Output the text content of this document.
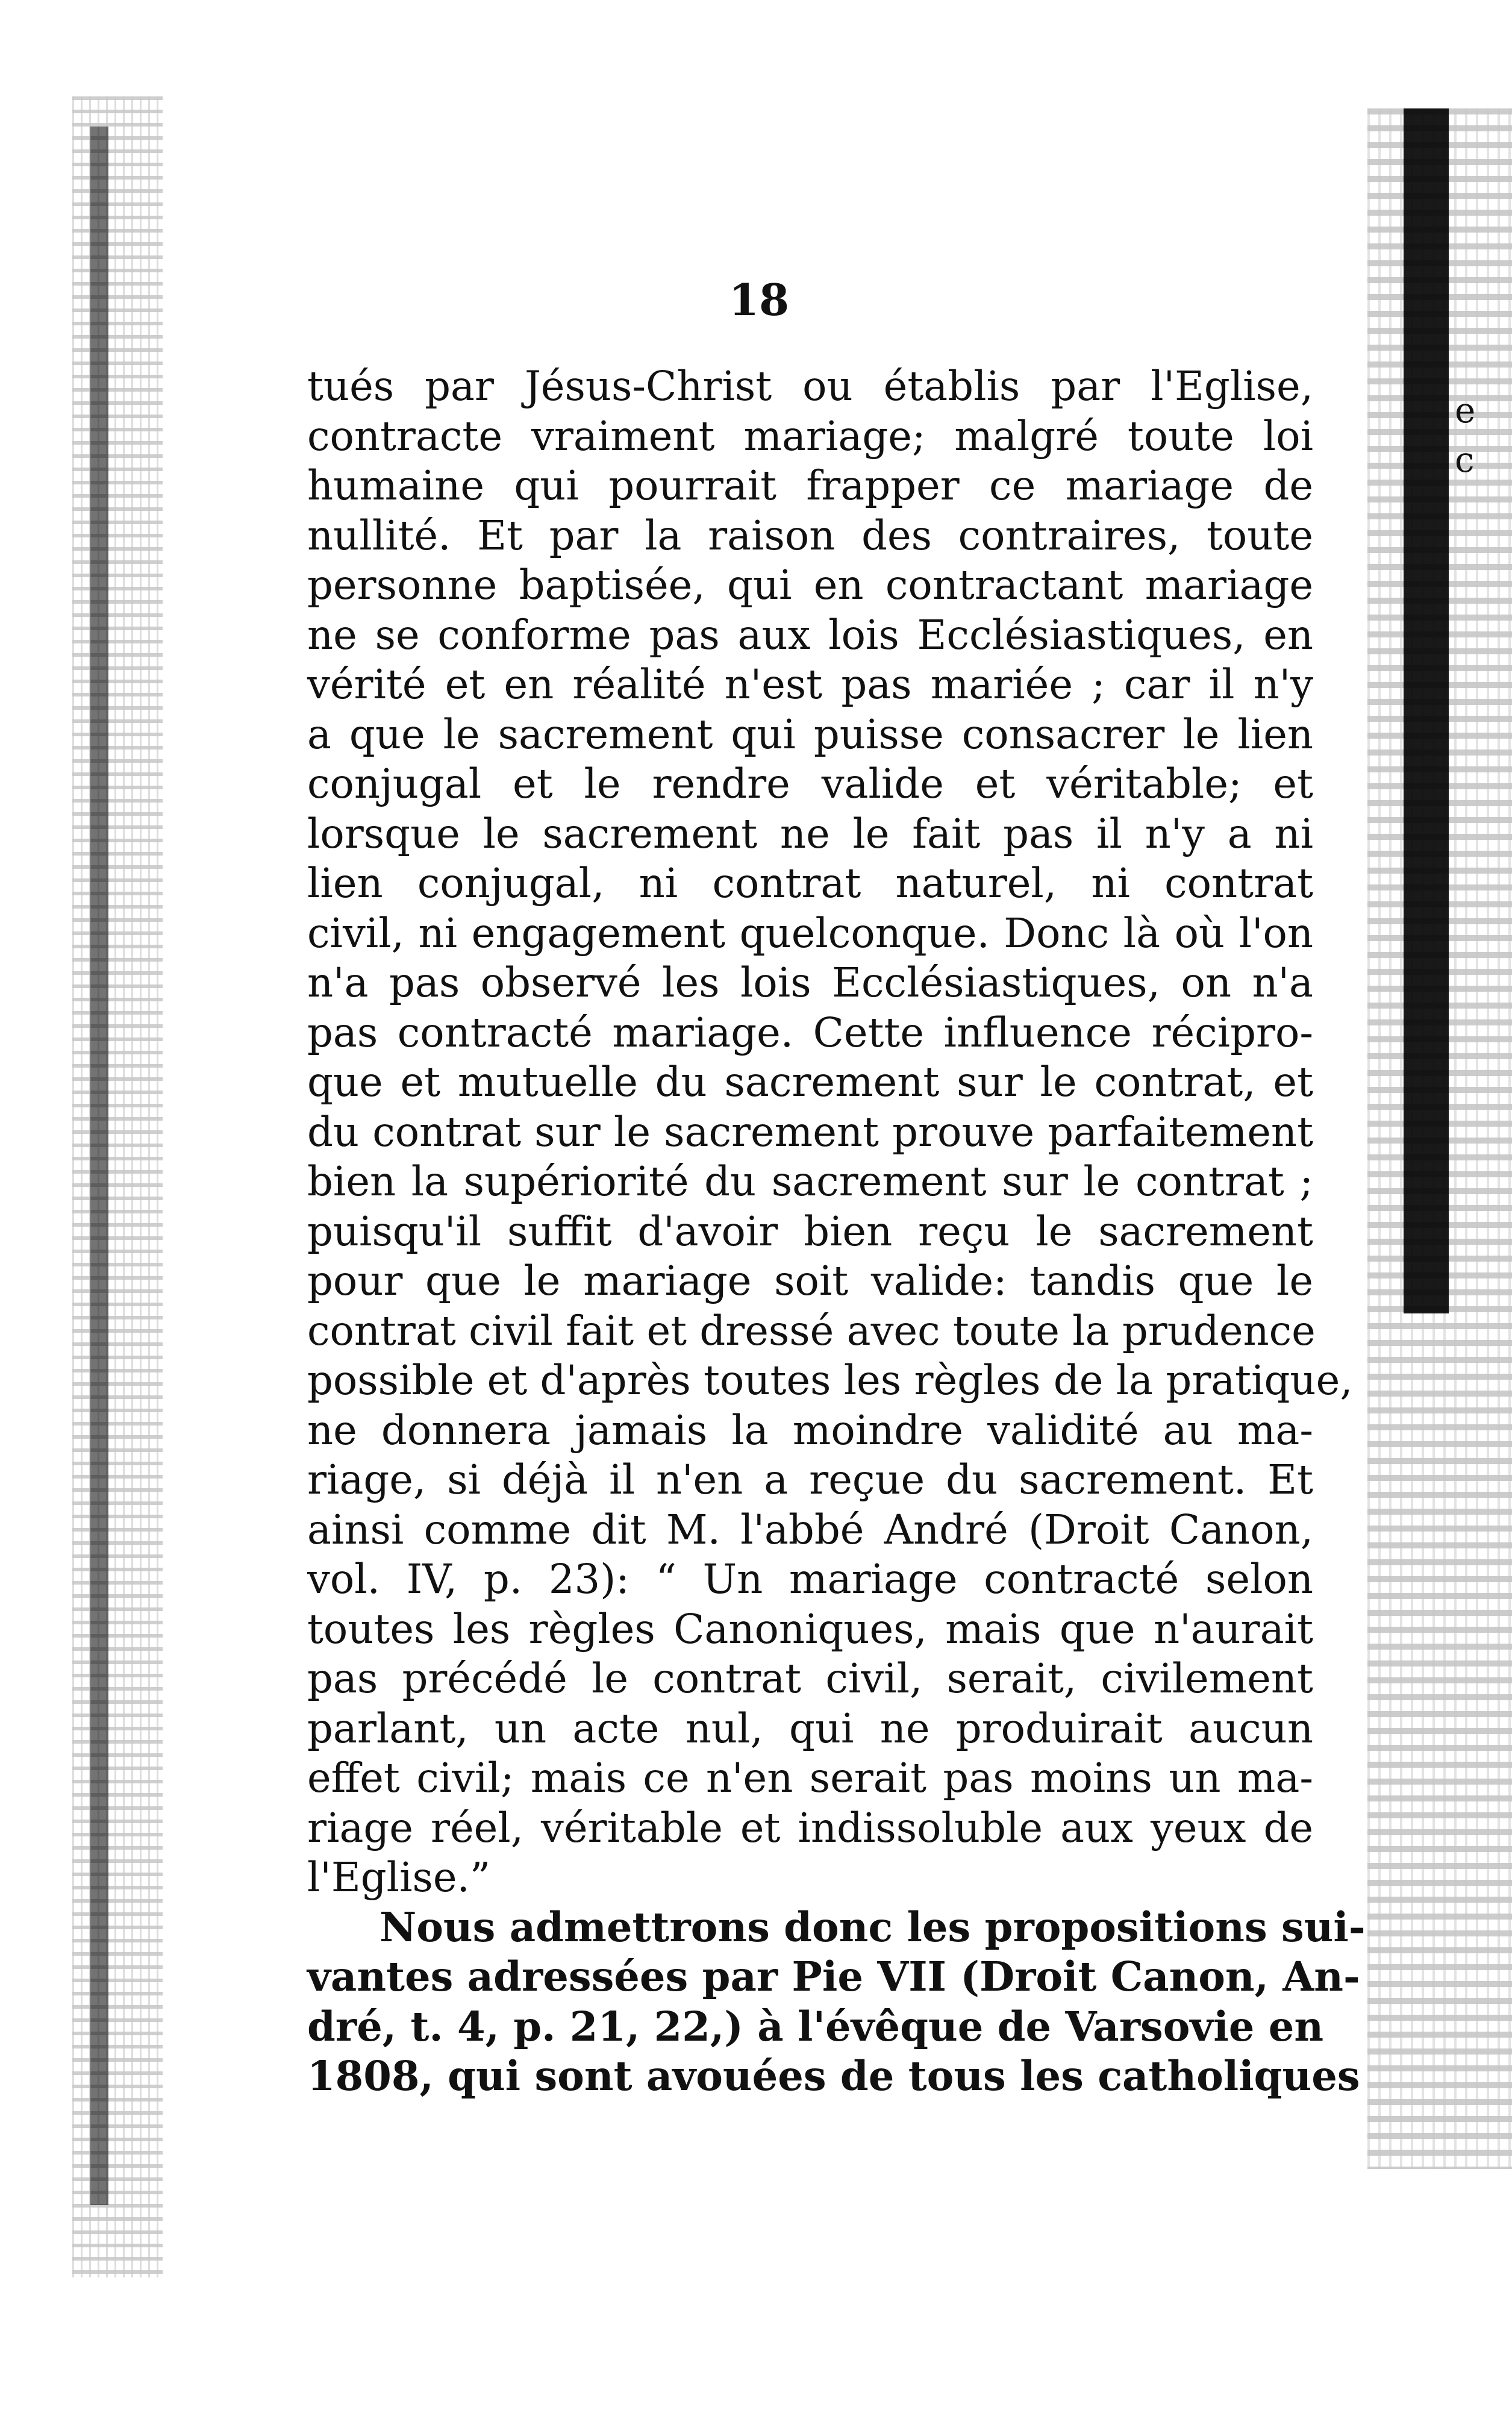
e
c
18
tués par Jésus-Christ ou établis par l'Eglise,
contracte vraiment mariage; malgré toute loi
humaine qui pourrait frapper ce mariage de
nullité. Et par la raison des contraires, toute
personne baptisée, qui en contractant mariage
ne se conforme pas aux lois Ecclésiastiques, en
vérité et en réalité n'est pas mariée ; car il n'y
a que le sacrement qui puisse consacrer le lien
conjugal et le rendre valide et véritable; et
lorsque le sacrement ne le fait pas il n'y a ni
lien conjugal, ni contrat naturel, ni contrat
civil, ni engagement quelconque. Donc là où l'on
n'a pas observé les lois Ecclésiastiques, on n'a
pas contracté mariage. Cette influence récipro-
que et mutuelle du sacrement sur le contrat, et
du contrat sur le sacrement prouve parfaitement
bien la supériorité du sacrement sur le contrat ;
puisqu'il suffit d'avoir bien reçu le sacrement
pour que le mariage soit valide: tandis que le
contrat civil fait et dressé avec toute la prudence
possible et d'après toutes les règles de la pratique,
ne donnera jamais la moindre validité au ma-
riage, si déjà il n'en a reçue du sacrement. Et
ainsi comme dit M. l'abbé André (Droit Canon,
vol. IV, p. 23): “ Un mariage contracté selon
toutes les règles Canoniques, mais que n'aurait
pas précédé le contrat civil, serait, civilement
parlant, un acte nul, qui ne produirait aucun
effet civil; mais ce n'en serait pas moins un ma-
riage réel, véritable et indissoluble aux yeux de
l'Eglise.”
Nous admettrons donc les propositions sui-
vantes adressées par Pie VII (Droit Canon, An-
dré, t. 4, p. 21, 22,) à l'évêque de Varsovie en
1808, qui sont avouées de tous les catholiques
